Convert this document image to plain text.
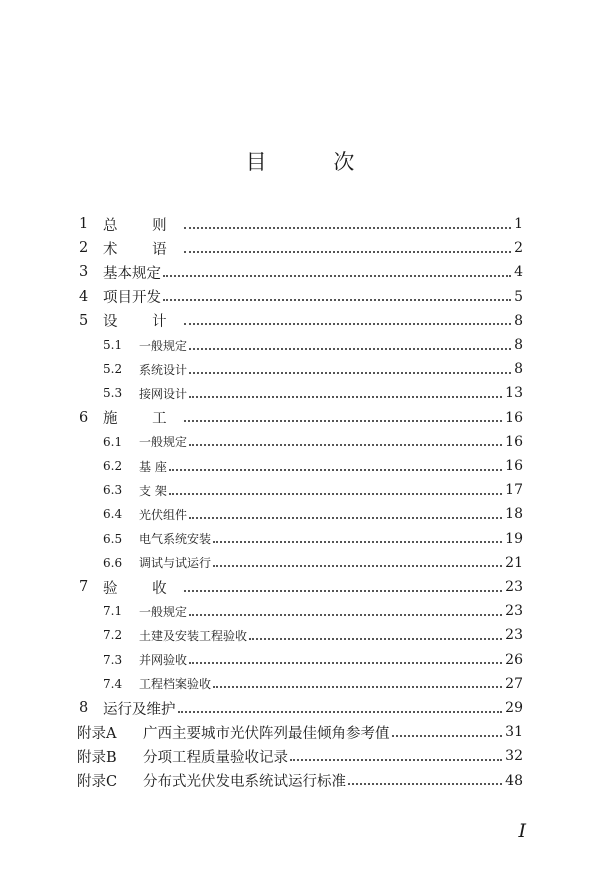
目 次
1	总 则	1
2	术 语	2
3	基本规定	4
4	项目开发	5
5	设 计	8
5.1	一般规定	8
5.2	系统设计	8
5.3	接网设计	13
6	施 工	16
6.1	一般规定	16
6.2	基 座	16
6.3	支 架	17
6.4	光伏组件	18
6.5	电气系统安装	19
6.6	调试与试运行	21
7	验 收	23
7.1	一般规定	23
7.2	土建及安装工程验收	23
7.3	并网验收	26
7.4	工程档案验收	27
8	运行及维护	29
附录A	广西主要城市光伏阵列最佳倾角参考值	31
附录B	分项工程质量验收记录	32
附录C	分布式光伏发电系统试运行标准	48
I
